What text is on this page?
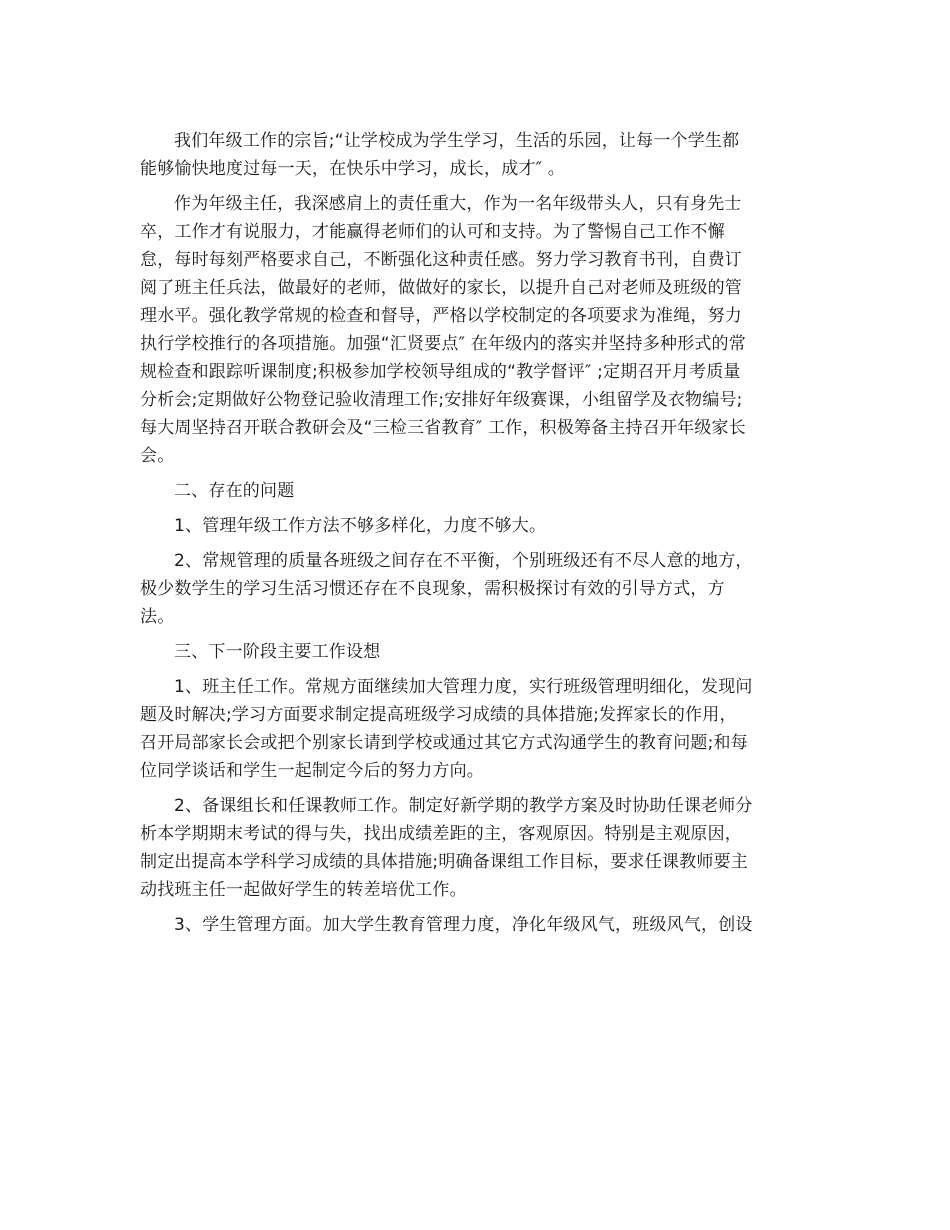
我们年级工作的宗旨;“让学校成为学生学习，生活的乐园，让每一个学生都
能够愉快地度过每一天，在快乐中学习，成长，成才″ 。
作为年级主任，我深感肩上的责任重大，作为一名年级带头人，只有身先士
卒，工作才有说服力，才能赢得老师们的认可和支持。为了警惕自己工作不懈
怠，每时每刻严格要求自己，不断强化这种责任感。努力学习教育书刊，自费订
阅了班主任兵法，做最好的老师，做做好的家长，以提升自己对老师及班级的管
理水平。强化教学常规的检查和督导，严格以学校制定的各项要求为准绳，努力
执行学校推行的各项措施。加强“汇贤要点″ 在年级内的落实并坚持多种形式的常
规检查和跟踪听课制度;积极参加学校领导组成的“教学督评″ ;定期召开月考质量
分析会;定期做好公物登记验收清理工作;安排好年级赛课，小组留学及衣物编号;
每大周坚持召开联合教研会及“三检三省教育″ 工作，积极筹备主持召开年级家长
会。
二、存在的问题
1、管理年级工作方法不够多样化，力度不够大。
2、常规管理的质量各班级之间存在不平衡，个别班级还有不尽人意的地方，
极少数学生的学习生活习惯还存在不良现象，需积极探讨有效的引导方式，方
法。
三、下一阶段主要工作设想
1、班主任工作。常规方面继续加大管理力度，实行班级管理明细化，发现问
题及时解决;学习方面要求制定提高班级学习成绩的具体措施;发挥家长的作用，
召开局部家长会或把个别家长请到学校或通过其它方式沟通学生的教育问题;和每
位同学谈话和学生一起制定今后的努力方向。
2、备课组长和任课教师工作。制定好新学期的教学方案及时协助任课老师分
析本学期期末考试的得与失，找出成绩差距的主，客观原因。特别是主观原因，
制定出提高本学科学习成绩的具体措施;明确备课组工作目标，要求任课教师要主
动找班主任一起做好学生的转差培优工作。
3、学生管理方面。加大学生教育管理力度，净化年级风气，班级风气，创设
